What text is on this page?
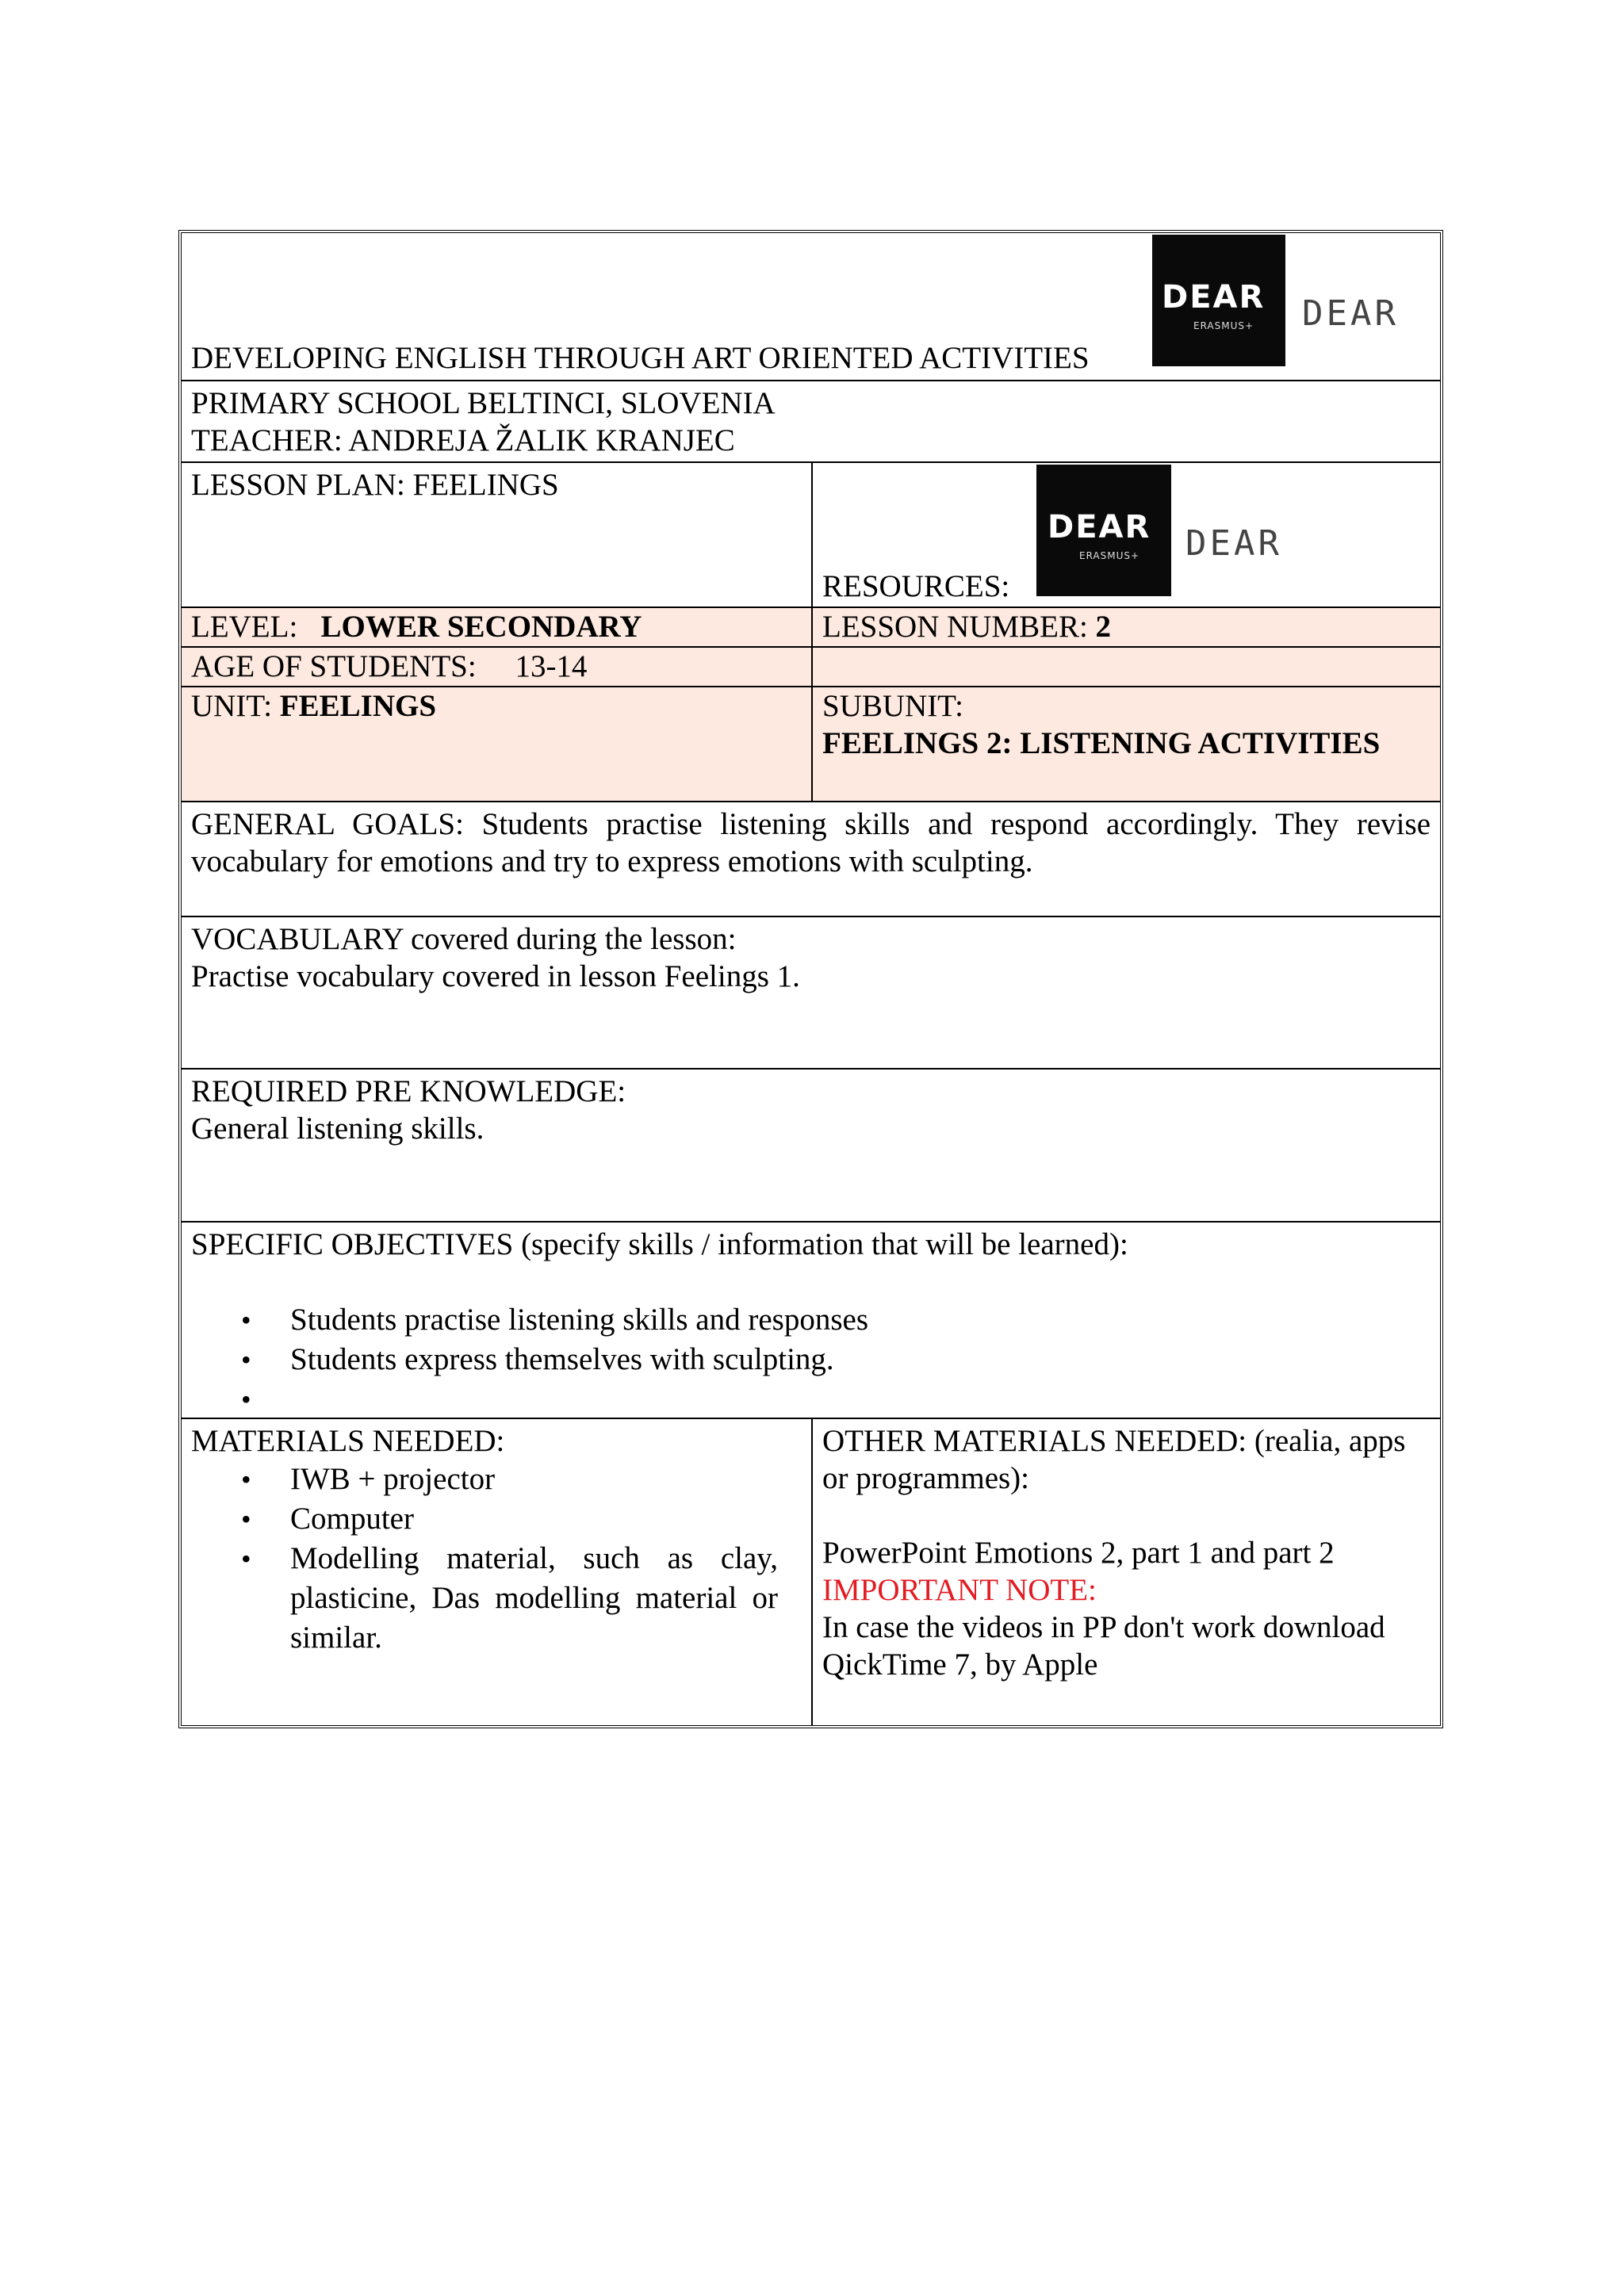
DEVELOPING ENGLISH THROUGH ART ORIENTED ACTIVITIES
DEAR
ERASMUS+ DEAR
PRIMARY SCHOOL BELTINCI, SLOVENIA
TEACHER: ANDREJA ŽALIK KRANJEC
LESSON PLAN: FEELINGS
RESOURCES:
DEAR
ERASMUS+ DEAR
LEVEL: LOWER SECONDARY	LESSON NUMBER: 2
AGE OF STUDENTS: 13-14
UNIT: FEELINGS	SUBUNIT:
FEELINGS 2: LISTENING ACTIVITIES
GENERAL GOALS: Students practise listening skills and respond accordingly. They revise vocabulary for emotions and try to express emotions with sculpting.
VOCABULARY covered during the lesson:
Practise vocabulary covered in lesson Feelings 1.
REQUIRED PRE KNOWLEDGE:
General listening skills.
SPECIFIC OBJECTIVES (specify skills / information that will be learned):
• Students practise listening skills and responses
• Students express themselves with sculpting.
•
MATERIALS NEEDED:
• IWB + projector
• Computer
• Modelling material, such as clay, plasticine, Das modelling material or similar.
OTHER MATERIALS NEEDED: (realia, apps or programmes):
PowerPoint Emotions 2, part 1 and part 2
IMPORTANT NOTE:
In case the videos in PP don't work download QickTime 7, by Apple
